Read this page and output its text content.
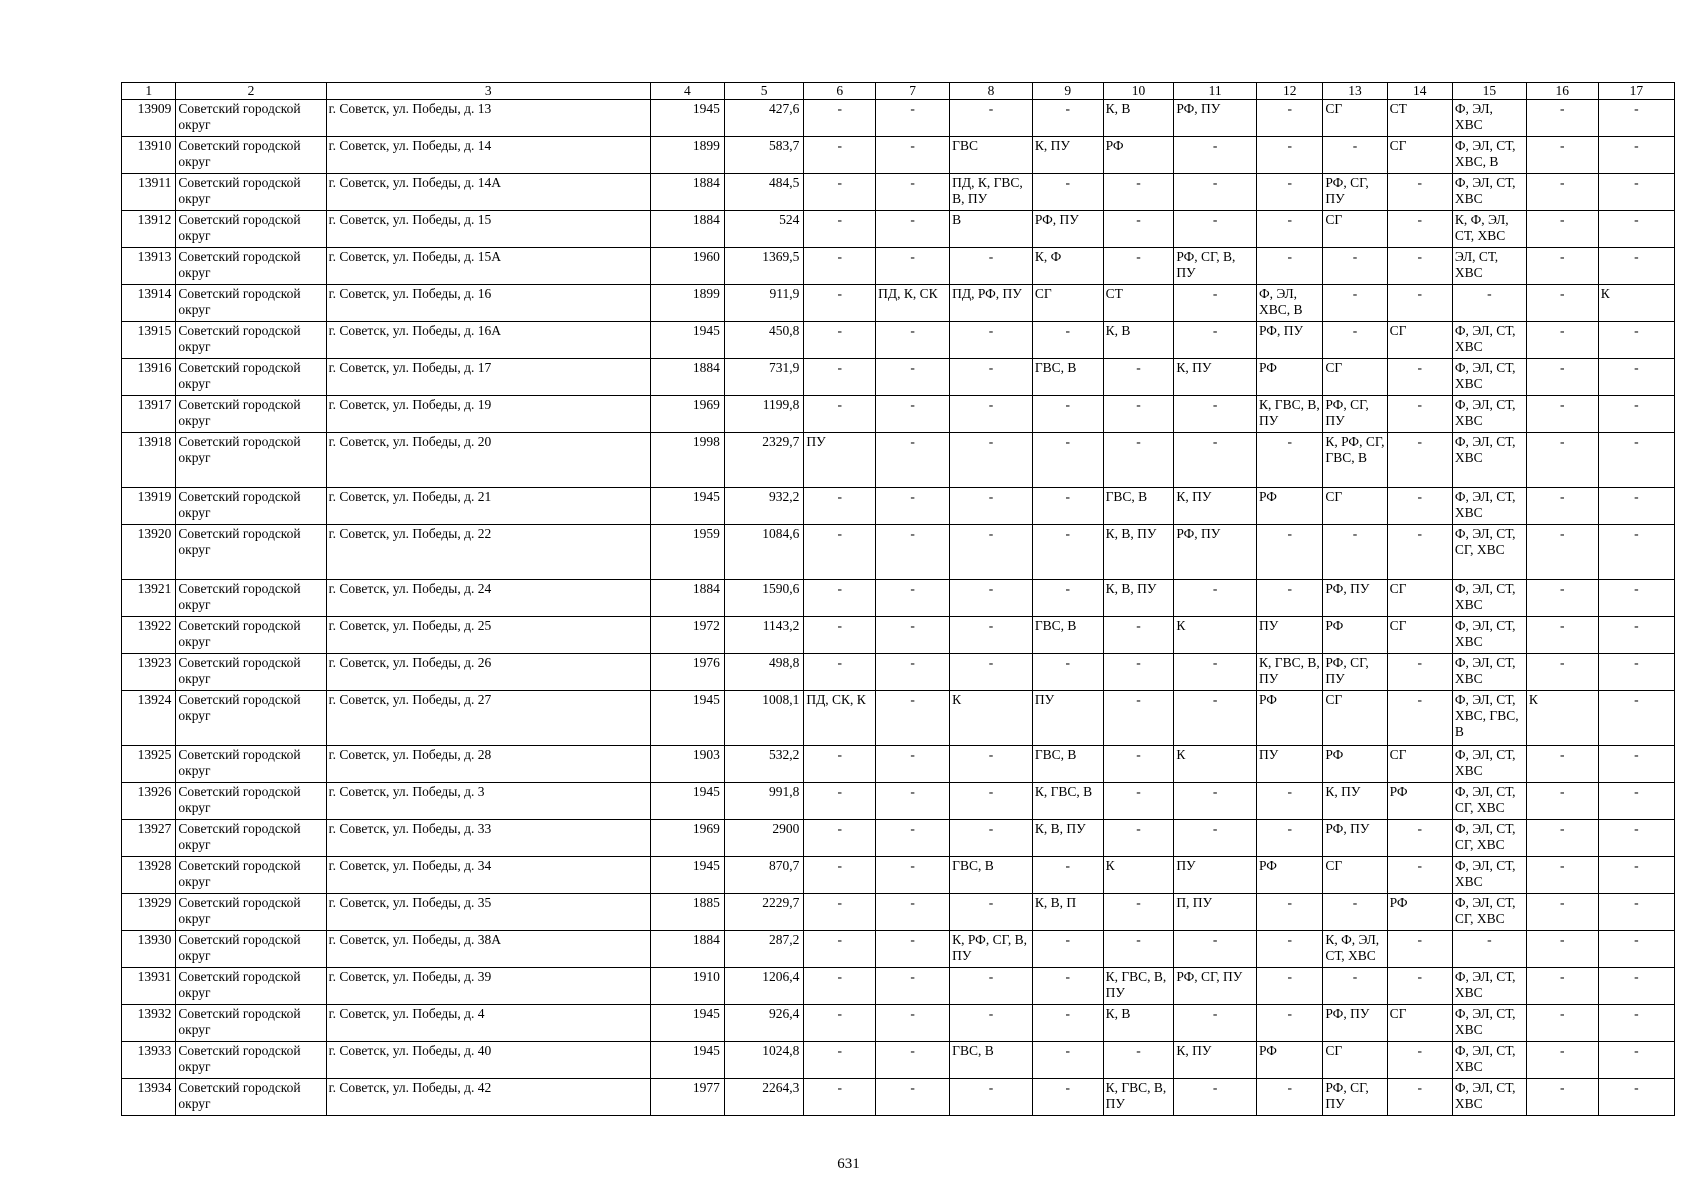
1	2	3	4	5	6	7	8	9	10	11	12	13	14	15	16	17
13909	Советский городской округ	г. Советск, ул. Победы, д. 13	1945	427,6	-	-	-	-	К, В	РФ, ПУ	-	СГ	СТ	Ф, ЭЛ, ХВС	-	-
13910	Советский городской округ	г. Советск, ул. Победы, д. 14	1899	583,7	-	-	ГВС	К, ПУ	РФ	-	-	-	СГ	Ф, ЭЛ, СТ, ХВС, В	-	-
13911	Советский городской округ	г. Советск, ул. Победы, д. 14А	1884	484,5	-	-	ПД, К, ГВС, В, ПУ	-	-	-	-	РФ, СГ, ПУ	-	Ф, ЭЛ, СТ, ХВС	-	-
13912	Советский городской округ	г. Советск, ул. Победы, д. 15	1884	524	-	-	В	РФ, ПУ	-	-	-	СГ	-	К, Ф, ЭЛ, СТ, ХВС	-	-
13913	Советский городской округ	г. Советск, ул. Победы, д. 15А	1960	1369,5	-	-	-	К, Ф	-	РФ, СГ, В, ПУ	-	-	-	ЭЛ, СТ, ХВС	-	-
13914	Советский городской округ	г. Советск, ул. Победы, д. 16	1899	911,9	-	ПД, К, СК	ПД, РФ, ПУ	СГ	СТ	-	Ф, ЭЛ, ХВС, В	-	-	-	-	К
13915	Советский городской округ	г. Советск, ул. Победы, д. 16А	1945	450,8	-	-	-	-	К, В	-	РФ, ПУ	-	СГ	Ф, ЭЛ, СТ, ХВС	-	-
13916	Советский городской округ	г. Советск, ул. Победы, д. 17	1884	731,9	-	-	-	ГВС, В	-	К, ПУ	РФ	СГ	-	Ф, ЭЛ, СТ, ХВС	-	-
13917	Советский городской округ	г. Советск, ул. Победы, д. 19	1969	1199,8	-	-	-	-	-	-	К, ГВС, В, ПУ	РФ, СГ, ПУ	-	Ф, ЭЛ, СТ, ХВС	-	-
13918	Советский городской округ	г. Советск, ул. Победы, д. 20	1998	2329,7	ПУ	-	-	-	-	-	-	К, РФ, СГ, ГВС, В	-	Ф, ЭЛ, СТ, ХВС	-	-
13919	Советский городской округ	г. Советск, ул. Победы, д. 21	1945	932,2	-	-	-	-	ГВС, В	К, ПУ	РФ	СГ	-	Ф, ЭЛ, СТ, ХВС	-	-
13920	Советский городской округ	г. Советск, ул. Победы, д. 22	1959	1084,6	-	-	-	-	К, В, ПУ	РФ, ПУ	-	-	-	Ф, ЭЛ, СТ, СГ, ХВС	-	-
13921	Советский городской округ	г. Советск, ул. Победы, д. 24	1884	1590,6	-	-	-	-	К, В, ПУ	-	-	РФ, ПУ	СГ	Ф, ЭЛ, СТ, ХВС	-	-
13922	Советский городской округ	г. Советск, ул. Победы, д. 25	1972	1143,2	-	-	-	ГВС, В	-	К	ПУ	РФ	СГ	Ф, ЭЛ, СТ, ХВС	-	-
13923	Советский городской округ	г. Советск, ул. Победы, д. 26	1976	498,8	-	-	-	-	-	-	К, ГВС, В, ПУ	РФ, СГ, ПУ	-	Ф, ЭЛ, СТ, ХВС	-	-
13924	Советский городской округ	г. Советск, ул. Победы, д. 27	1945	1008,1	ПД, СК, К	-	К	ПУ	-	-	РФ	СГ	-	Ф, ЭЛ, СТ, ХВС, ГВС, В	К	-
13925	Советский городской округ	г. Советск, ул. Победы, д. 28	1903	532,2	-	-	-	ГВС, В	-	К	ПУ	РФ	СГ	Ф, ЭЛ, СТ, ХВС	-	-
13926	Советский городской округ	г. Советск, ул. Победы, д. 3	1945	991,8	-	-	-	К, ГВС, В	-	-	-	К, ПУ	РФ	Ф, ЭЛ, СТ, СГ, ХВС	-	-
13927	Советский городской округ	г. Советск, ул. Победы, д. 33	1969	2900	-	-	-	К, В, ПУ	-	-	-	РФ, ПУ	-	Ф, ЭЛ, СТ, СГ, ХВС	-	-
13928	Советский городской округ	г. Советск, ул. Победы, д. 34	1945	870,7	-	-	ГВС, В	-	К	ПУ	РФ	СГ	-	Ф, ЭЛ, СТ, ХВС	-	-
13929	Советский городской округ	г. Советск, ул. Победы, д. 35	1885	2229,7	-	-	-	К, В, П	-	П, ПУ	-	-	РФ	Ф, ЭЛ, СТ, СГ, ХВС	-	-
13930	Советский городской округ	г. Советск, ул. Победы, д. 38А	1884	287,2	-	-	К, РФ, СГ, В, ПУ	-	-	-	-	К, Ф, ЭЛ, СТ, ХВС	-	-	-	-
13931	Советский городской округ	г. Советск, ул. Победы, д. 39	1910	1206,4	-	-	-	-	К, ГВС, В, ПУ	РФ, СГ, ПУ	-	-	-	Ф, ЭЛ, СТ, ХВС	-	-
13932	Советский городской округ	г. Советск, ул. Победы, д. 4	1945	926,4	-	-	-	-	К, В	-	-	РФ, ПУ	СГ	Ф, ЭЛ, СТ, ХВС	-	-
13933	Советский городской округ	г. Советск, ул. Победы, д. 40	1945	1024,8	-	-	ГВС, В	-	-	К, ПУ	РФ	СГ	-	Ф, ЭЛ, СТ, ХВС	-	-
13934	Советский городской округ	г. Советск, ул. Победы, д. 42	1977	2264,3	-	-	-	-	К, ГВС, В, ПУ	-	-	РФ, СГ, ПУ	-	Ф, ЭЛ, СТ, ХВС	-	-
631
